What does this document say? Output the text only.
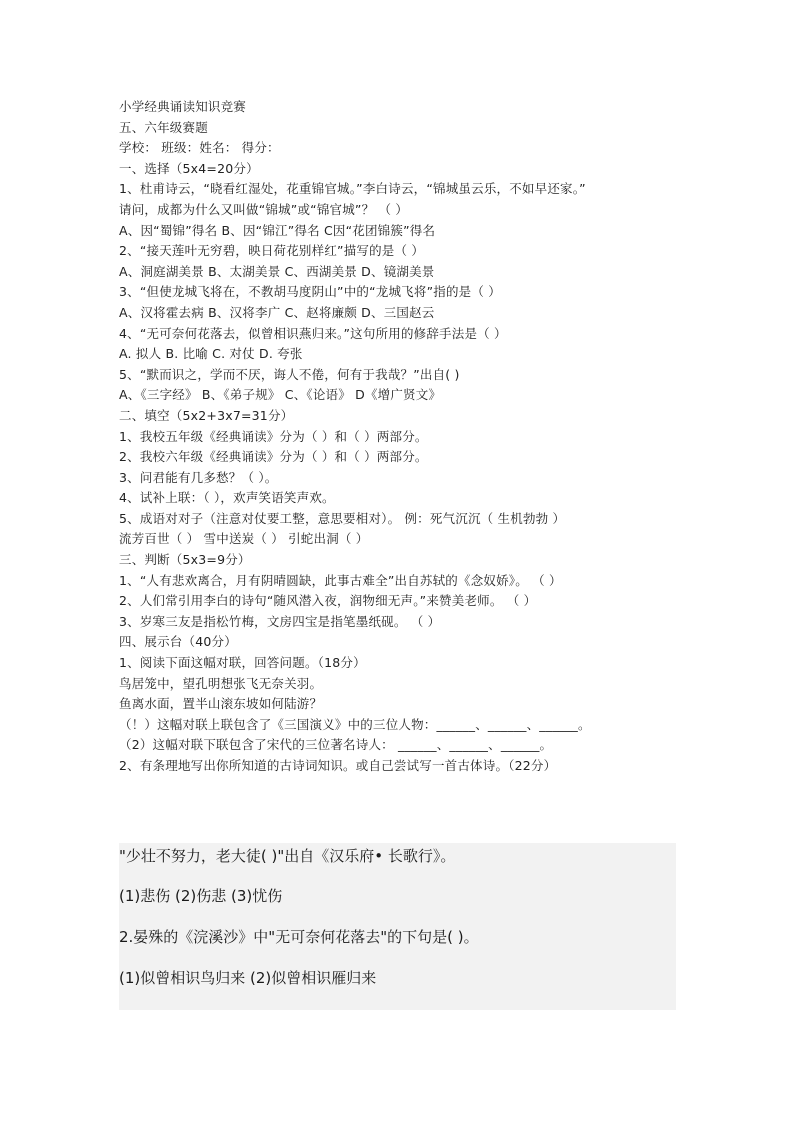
小学经典诵读知识竞赛
五、六年级赛题
学校： 班级：姓名： 得分：
一、选择（5x4=20分）
1、杜甫诗云，“晓看红湿处，花重锦官城。”李白诗云，“锦城虽云乐，不如早还家。”
请问，成都为什么又叫做“锦城”或“锦官城”？ （ ）
A、因“蜀锦”得名 B、因“锦江”得名 C因“花团锦簇”得名
2、“接天莲叶无穷碧，映日荷花别样红”描写的是（ ）
A、洞庭湖美景 B、太湖美景 C、西湖美景 D、镜湖美景
3、“但使龙城飞将在，不教胡马度阴山”中的“龙城飞将”指的是（ ）
A、汉将霍去病 B、汉将李广 C、赵将廉颇 D、三国赵云
4、“无可奈何花落去，似曾相识燕归来。”这句所用的修辞手法是（ ）
A. 拟人 B. 比喻 C. 对仗 D. 夸张
5、“默而识之，学而不厌，诲人不倦，何有于我哉？”出自( )
A、《三字经》 B、《弟子规》 C、《论语》 D《增广贤文》
二、填空（5x2+3x7=31分）
1、我校五年级《经典诵读》分为（ ）和（ ）两部分。
2、我校六年级《经典诵读》分为（ ）和（ ）两部分。
3、问君能有几多愁？（ ）。
4、试补上联：（ ），欢声笑语笑声欢。
5、成语对对子（注意对仗要工整，意思要相对）。 例：死气沉沉（ 生机勃勃 ）
流芳百世（ ） 雪中送炭（ ） 引蛇出洞（ ）
三、判断（5x3=9分）
1、“人有悲欢离合，月有阴晴圆缺，此事古难全”出自苏轼的《念奴娇》。 （ ）
2、人们常引用李白的诗句“随风潜入夜，润物细无声。”来赞美老师。 （ ）
3、岁寒三友是指松竹梅，文房四宝是指笔墨纸砚。 （ ）
四、展示台（40分）
1、阅读下面这幅对联，回答问题。（18分）
鸟居笼中，望孔明想张飞无奈关羽。
鱼离水面，置半山滚东坡如何陆游？
（！）这幅对联上联包含了《三国演义》中的三位人物：______、______、______。
（2）这幅对联下联包含了宋代的三位著名诗人： ______、______、______。
2、有条理地写出你所知道的古诗词知识。或自己尝试写一首古体诗。（22分）
"少壮不努力，老大徒( )"出自《汉乐府• 长歌行》。
(1)悲伤 (2)伤悲 (3)忧伤
2.晏殊的《浣溪沙》中"无可奈何花落去"的下句是( )。
(1)似曾相识鸟归来 (2)似曾相识雁归来
